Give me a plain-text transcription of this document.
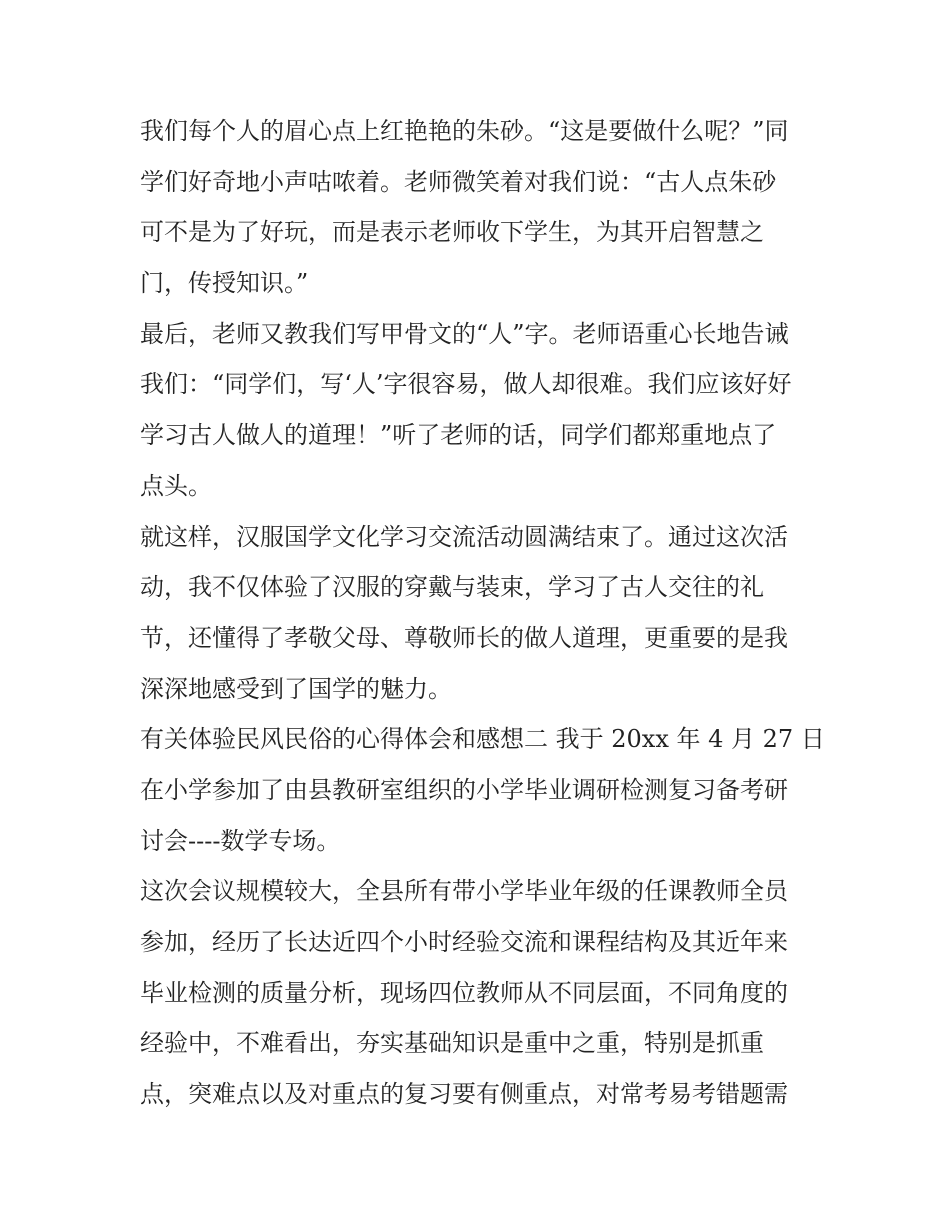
我们每个人的眉心点上红艳艳的朱砂。“这是要做什么呢？”同
学们好奇地小声咕哝着。老师微笑着对我们说：“古人点朱砂
可不是为了好玩，而是表示老师收下学生，为其开启智慧之
门，传授知识。”
最后，老师又教我们写甲骨文的“人”字。老师语重心长地告诫
我们：“同学们，写‘人’字很容易，做人却很难。我们应该好好
学习古人做人的道理！”听了老师的话，同学们都郑重地点了
点头。
就这样，汉服国学文化学习交流活动圆满结束了。通过这次活
动，我不仅体验了汉服的穿戴与装束，学习了古人交往的礼
节，还懂得了孝敬父母、尊敬师长的做人道理，更重要的是我
深深地感受到了国学的魅力。
有关体验民风民俗的心得体会和感想二 我于 20xx 年 4 月 27 日
在小学参加了由县教研室组织的小学毕业调研检测复习备考研
讨会----数学专场。
这次会议规模较大，全县所有带小学毕业年级的任课教师全员
参加，经历了长达近四个小时经验交流和课程结构及其近年来
毕业检测的质量分析，现场四位教师从不同层面，不同角度的
经验中，不难看出，夯实基础知识是重中之重，特别是抓重
点，突难点以及对重点的复习要有侧重点，对常考易考错题需
